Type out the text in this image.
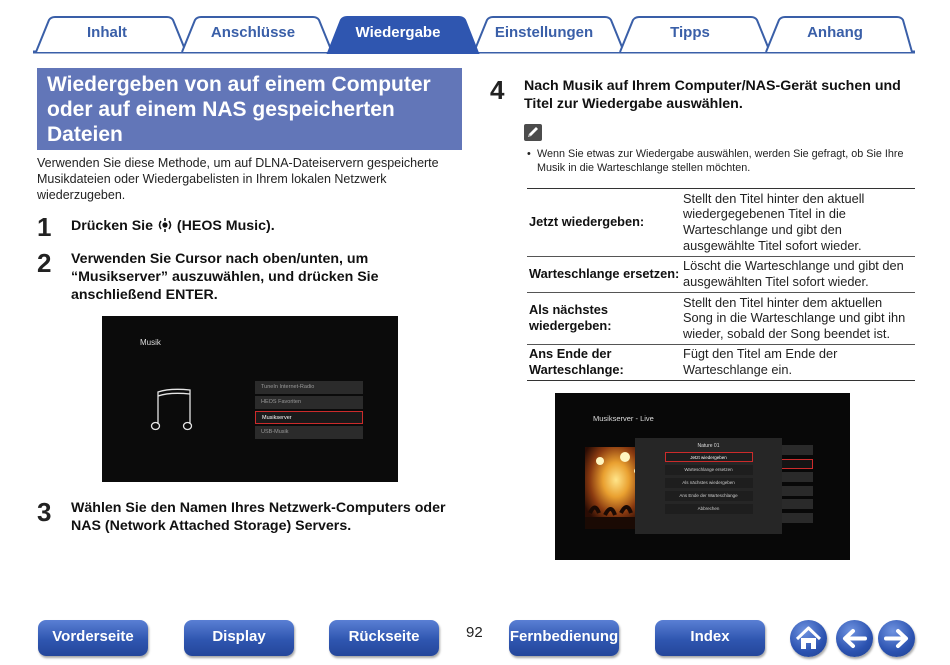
Inhalt	Anschlüsse	Wiedergabe	Einstellungen	Tipps	Anhang
Wiedergeben von auf einem Computer oder auf einem NAS gespeicherten Dateien

Verwenden Sie diese Methode, um auf DLNA-Dateiservern gespeicherte Musikdateien oder Wiedergabelisten in Ihrem lokalen Netzwerk wiederzugeben.

1 Drücken Sie  (HEOS Music).
2 Verwenden Sie Cursor nach oben/unten, um “Musikserver” auszuwählen, und drücken Sie anschließend ENTER.
Musik
TuneIn Internet-Radio
HEOS Favoriten
Musikserver
USB-Musik
3 Wählen Sie den Namen Ihres Netzwerk-Computers oder NAS (Network Attached Storage) Servers.
4 Nach Musik auf Ihrem Computer/NAS-Gerät suchen und Titel zur Wiedergabe auswählen.

• Wenn Sie etwas zur Wiedergabe auswählen, werden Sie gefragt, ob Sie Ihre Musik in die Warteschlange stellen möchten.

Jetzt wiedergeben:	Stellt den Titel hinter den aktuell wiedergegebenen Titel in die Warteschlange und gibt den ausgewählte Titel sofort wieder.
Warteschlange ersetzen:	Löscht die Warteschlange und gibt den ausgewählten Titel sofort wieder.
Als nächstes wiedergeben:	Stellt den Titel hinter dem aktuellen Song in die Warteschlange und gibt ihn wieder, sobald der Song beendet ist.
Ans Ende der Warteschlange:	Fügt den Titel am Ende der Warteschlange ein.
Musikserver - Live
Nature 01
Jetzt wiedergeben
Warteschlange ersetzen
Als nächstes wiedergeben
Ans Ende der Warteschlange
Abbrechen
Vorderseite	Display	Rückseite	92 Fernbedienung	Index
